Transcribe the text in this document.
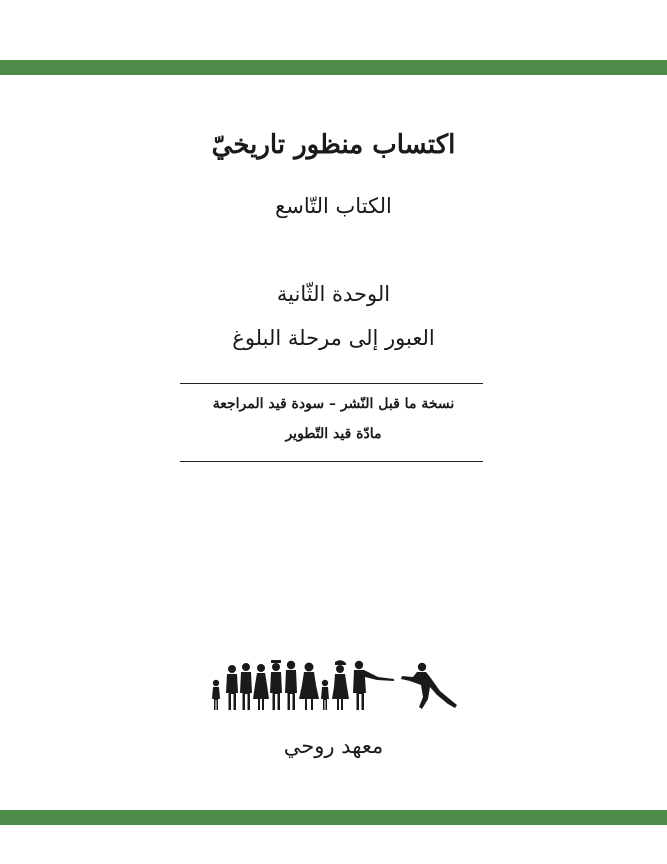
اكتساب منظور تاريخيّ
الكتاب التّاسع
الوحدة الثّانية
العبور إلى مرحلة البلوغ
نسخة ما قبل النّشر – سودة قيد المراجعة
مادّة قيد التّطوير
معهد روحي
